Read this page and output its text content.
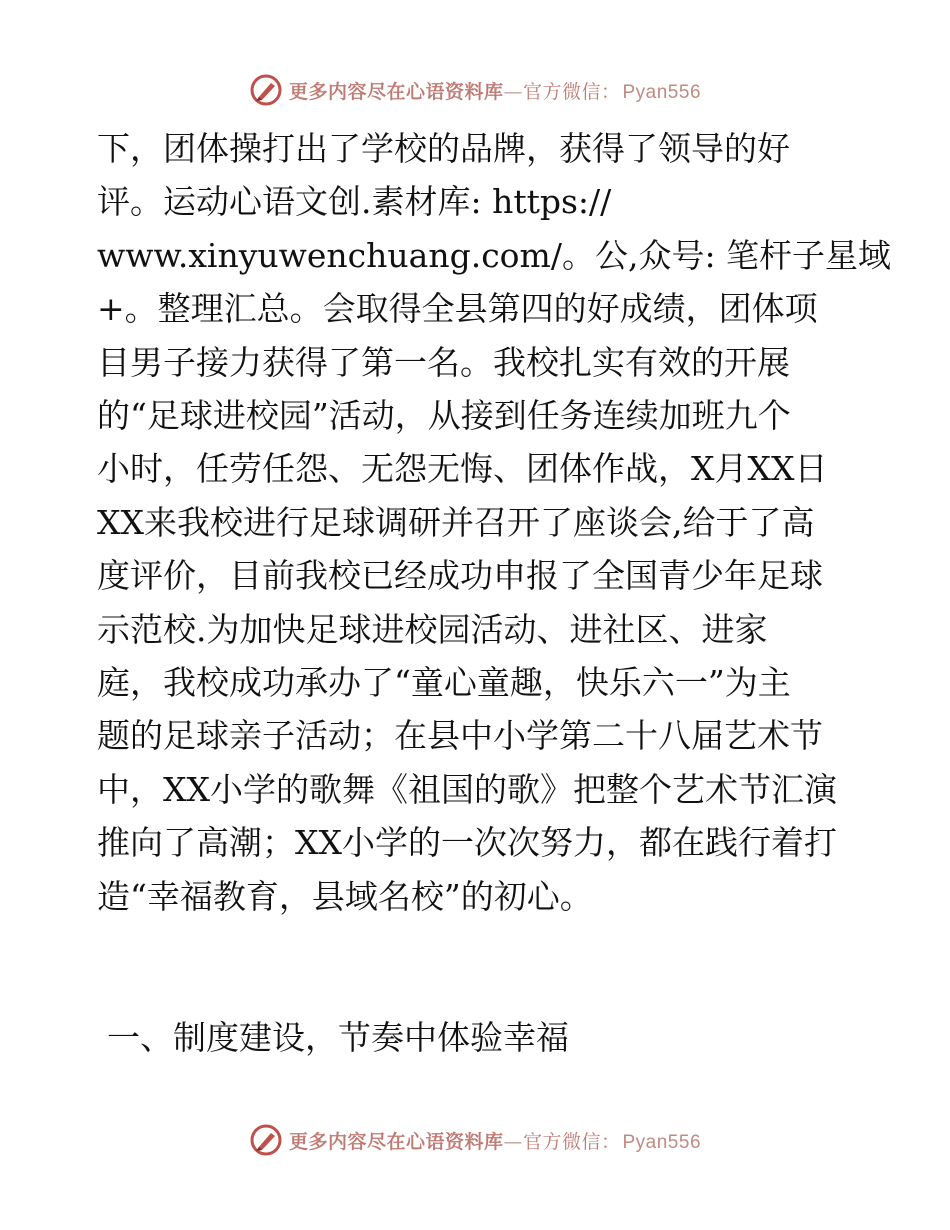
更多内容尽在心语资料库 — 官方微信： Pyan556

下，团体操打出了学校的品牌，获得了领导的好
评。运动心语文创.素材库: https://
www.xinyuwenchuang.com/。公,众号: 笔杆子星域
+。整理汇总。会取得全县第四的好成绩，团体项
目男子接力获得了第一名。我校扎实有效的开展
的“足球进校园”活动，从接到任务连续加班九个
小时，任劳任怨、无怨无悔、团体作战，X月XX日
XX来我校进行足球调研并召开了座谈会,给于了高
度评价，目前我校已经成功申报了全国青少年足球
示范校.为加快足球进校园活动、进社区、进家
庭，我校成功承办了“童心童趣，快乐六一”为主
题的足球亲子活动；在县中小学第二十八届艺术节
中，XX小学的歌舞《祖国的歌》把整个艺术节汇演
推向了高潮；XX小学的一次次努力，都在践行着打
造“幸福教育，县域名校”的初心。

一、制度建设，节奏中体验幸福

更多内容尽在心语资料库 — 官方微信： Pyan556
